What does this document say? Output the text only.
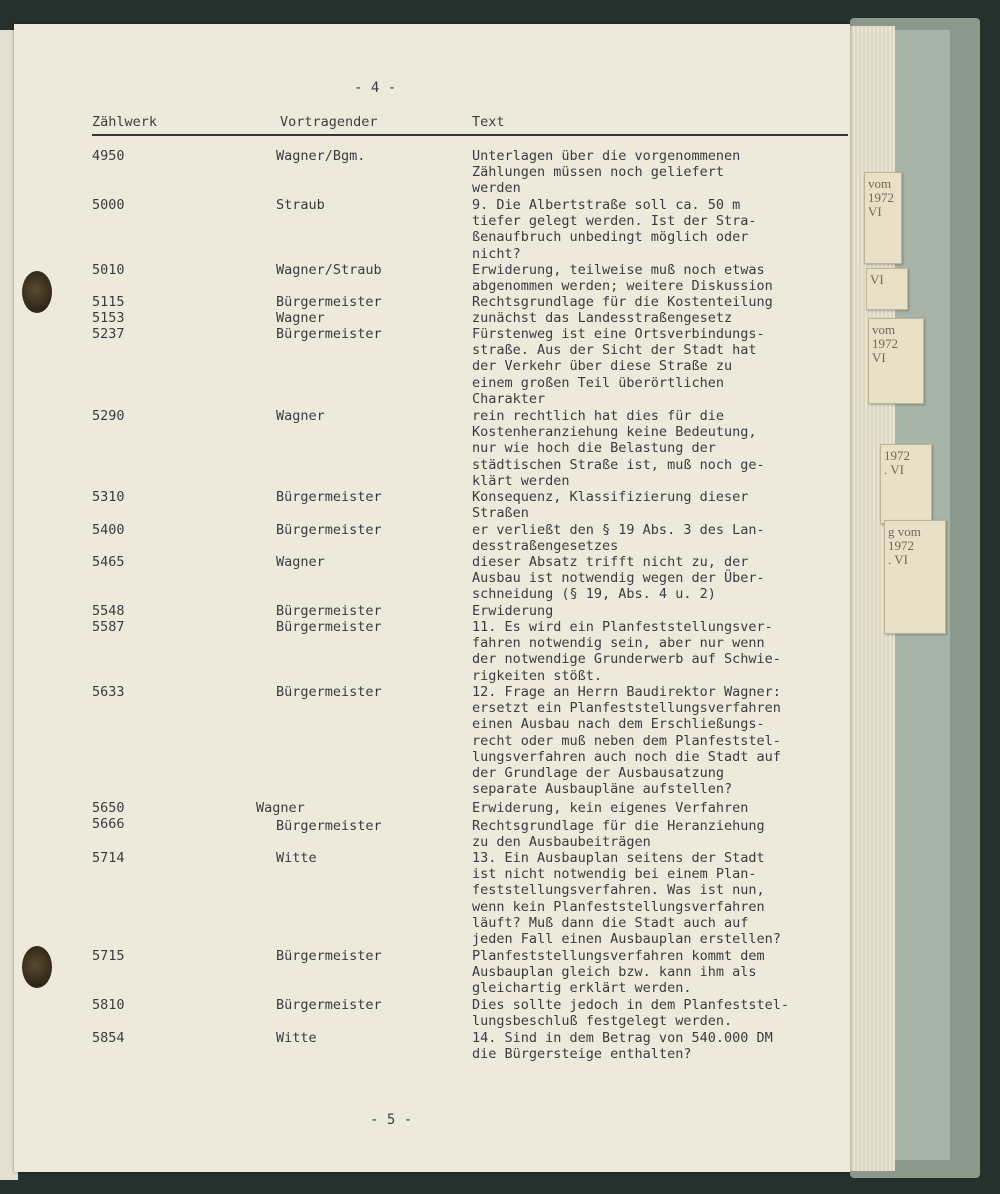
vom
1972
VI
VI
vom
1972
VI
1972
. VI
g vom
1972
. VI
- 4 -
Zählwerk	Vortragender	Text
4950	Wagner/Bgm.	Unterlagen über die vorgenommenen
Zählungen müssen noch geliefert
werden
5000	Straub	9. Die Albertstraße soll ca. 50 m
tiefer gelegt werden. Ist der Stra-
ßenaufbruch unbedingt möglich oder
nicht?
5010	Wagner/Straub	Erwiderung, teilweise muß noch etwas
abgenommen werden; weitere Diskussion
5115	Bürgermeister	Rechtsgrundlage für die Kostenteilung
5153	Wagner	zunächst das Landesstraßengesetz
5237	Bürgermeister	Fürstenweg ist eine Ortsverbindungs-
straße. Aus der Sicht der Stadt hat
der Verkehr über diese Straße zu
einem großen Teil überörtlichen
Charakter
5290	Wagner	rein rechtlich hat dies für die
Kostenheranziehung keine Bedeutung,
nur wie hoch die Belastung der
städtischen Straße ist, muß noch ge-
klärt werden
5310	Bürgermeister	Konsequenz, Klassifizierung dieser
Straßen
5400	Bürgermeister	er verließt den § 19 Abs. 3 des Lan-
desstraßengesetzes
5465	Wagner	dieser Absatz trifft nicht zu, der
Ausbau ist notwendig wegen der Über-
schneidung (§ 19, Abs. 4 u. 2)
5548	Bürgermeister	Erwiderung
5587	Bürgermeister	11. Es wird ein Planfeststellungsver-
fahren notwendig sein, aber nur wenn
der notwendige Grunderwerb auf Schwie-
rigkeiten stößt.
5633	Bürgermeister	12. Frage an Herrn Baudirektor Wagner:
ersetzt ein Planfeststellungsverfahren
einen Ausbau nach dem Erschließungs-
recht oder muß neben dem Planfeststel-
lungsverfahren auch noch die Stadt auf
der Grundlage der Ausbausatzung
separate Ausbaupläne aufstellen?
5650	Wagner	Erwiderung, kein eigenes Verfahren
5666	Bürgermeister	Rechtsgrundlage für die Heranziehung
zu den Ausbaubeiträgen
5714	Witte	13. Ein Ausbauplan seitens der Stadt
ist nicht notwendig bei einem Plan-
feststellungsverfahren. Was ist nun,
wenn kein Planfeststellungsverfahren
läuft? Muß dann die Stadt auch auf
jeden Fall einen Ausbauplan erstellen?
5715	Bürgermeister	Planfeststellungsverfahren kommt dem
Ausbauplan gleich bzw. kann ihm als
gleichartig erklärt werden.
5810	Bürgermeister	Dies sollte jedoch in dem Planfeststel-
lungsbeschluß festgelegt werden.
5854	Witte	14. Sind in dem Betrag von 540.000 DM
die Bürgersteige enthalten?
- 5 -
